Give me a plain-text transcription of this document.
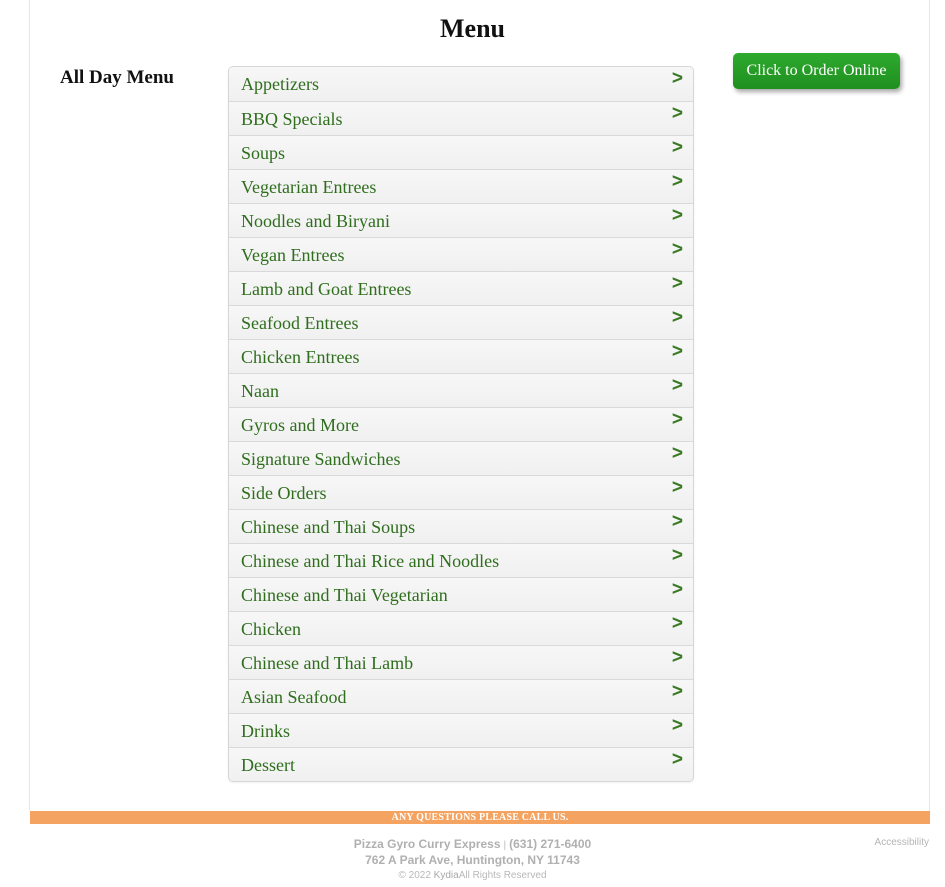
Menu
All Day Menu	Appetizers	>
BBQ Specials	>
Soups	>
Vegetarian Entrees	>
Noodles and Biryani	>
Vegan Entrees	>
Lamb and Goat Entrees	>
Seafood Entrees	>
Chicken Entrees	>
Naan	>
Gyros and More	>
Signature Sandwiches	>
Side Orders	>
Chinese and Thai Soups	>
Chinese and Thai Rice and Noodles	>
Chinese and Thai Vegetarian	>
Chicken	>
Chinese and Thai Lamb	>
Asian Seafood	>
Drinks	>
Dessert	>
Click to Order Online
ANY QUESTIONS PLEASE CALL US.
Pizza Gyro Curry Express | (631) 271-6400
762 A Park Ave, Huntington, NY 11743
© 2022 KydiaAll Rights Reserved
Accessibility
